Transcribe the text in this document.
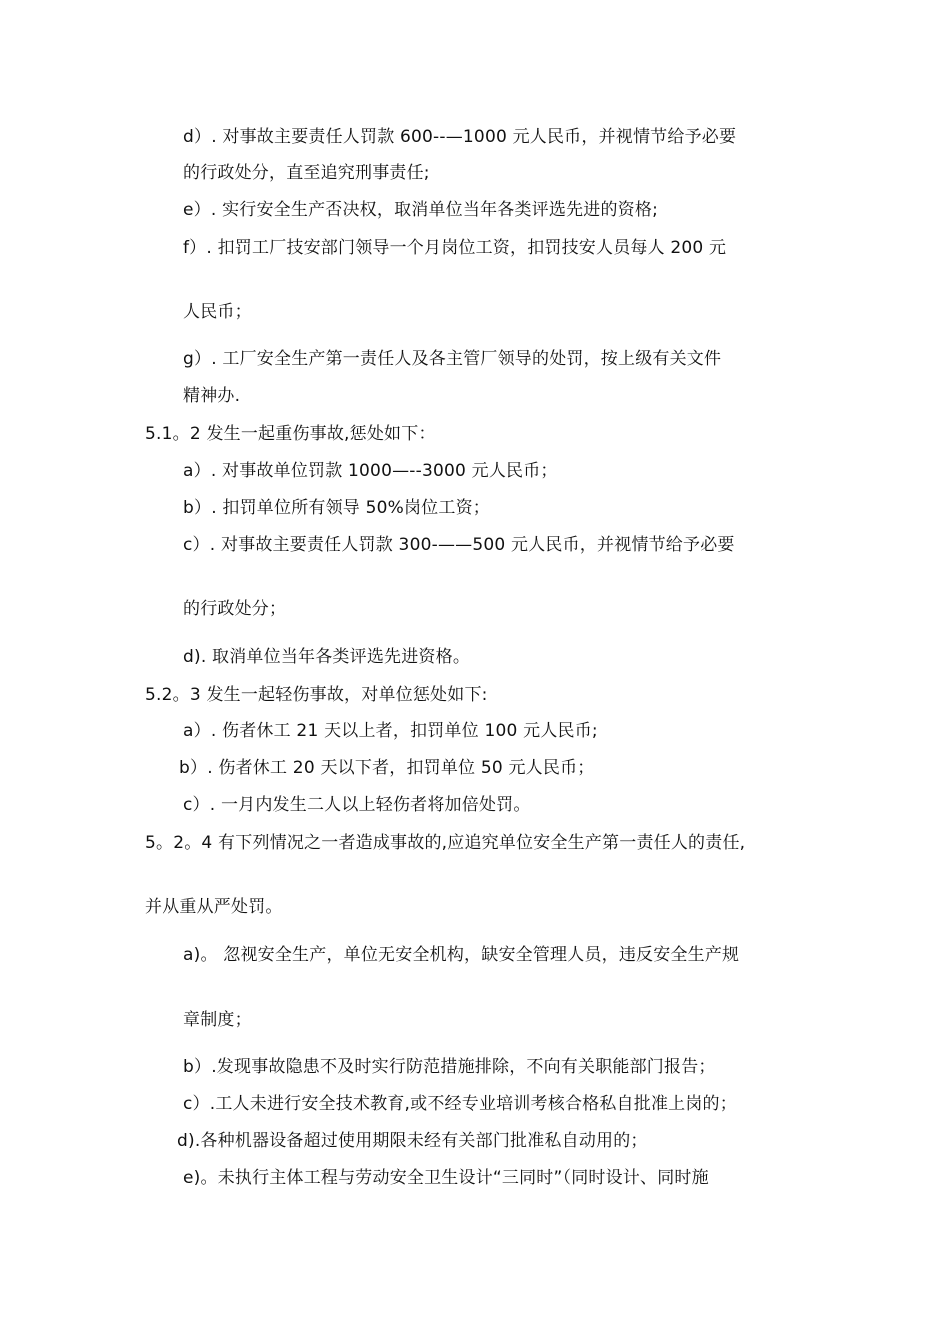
d）. 对事故主要责任人罚款 600--—1000 元人民币，并视情节给予必要
的行政处分，直至追究刑事责任;
e）. 实行安全生产否决权，取消单位当年各类评选先进的资格;
f）. 扣罚工厂技安部门领导一个月岗位工资，扣罚技安人员每人 200 元
人民币；
g）. 工厂安全生产第一责任人及各主管厂领导的处罚，按上级有关文件
精神办.
5.1。2 发生一起重伤事故,惩处如下：
a）. 对事故单位罚款 1000—--3000 元人民币；
b）. 扣罚单位所有领导 50%岗位工资；
c）. 对事故主要责任人罚款 300-——500 元人民币，并视情节给予必要
的行政处分；
d). 取消单位当年各类评选先进资格。
5.2。3 发生一起轻伤事故，对单位惩处如下:
a）. 伤者休工 21 天以上者，扣罚单位 100 元人民币;
b）. 伤者休工 20 天以下者，扣罚单位 50 元人民币；
c）. 一月内发生二人以上轻伤者将加倍处罚。
5。2。4 有下列情况之一者造成事故的,应追究单位安全生产第一责任人的责任,
并从重从严处罚。
a)。 忽视安全生产，单位无安全机构，缺安全管理人员，违反安全生产规
章制度；
b）.发现事故隐患不及时实行防范措施排除，不向有关职能部门报告；
c）.工人未进行安全技术教育,或不经专业培训考核合格私自批准上岗的；
d).各种机器设备超过使用期限未经有关部门批准私自动用的；
e)。未执行主体工程与劳动安全卫生设计“三同时”（同时设计、同时施
